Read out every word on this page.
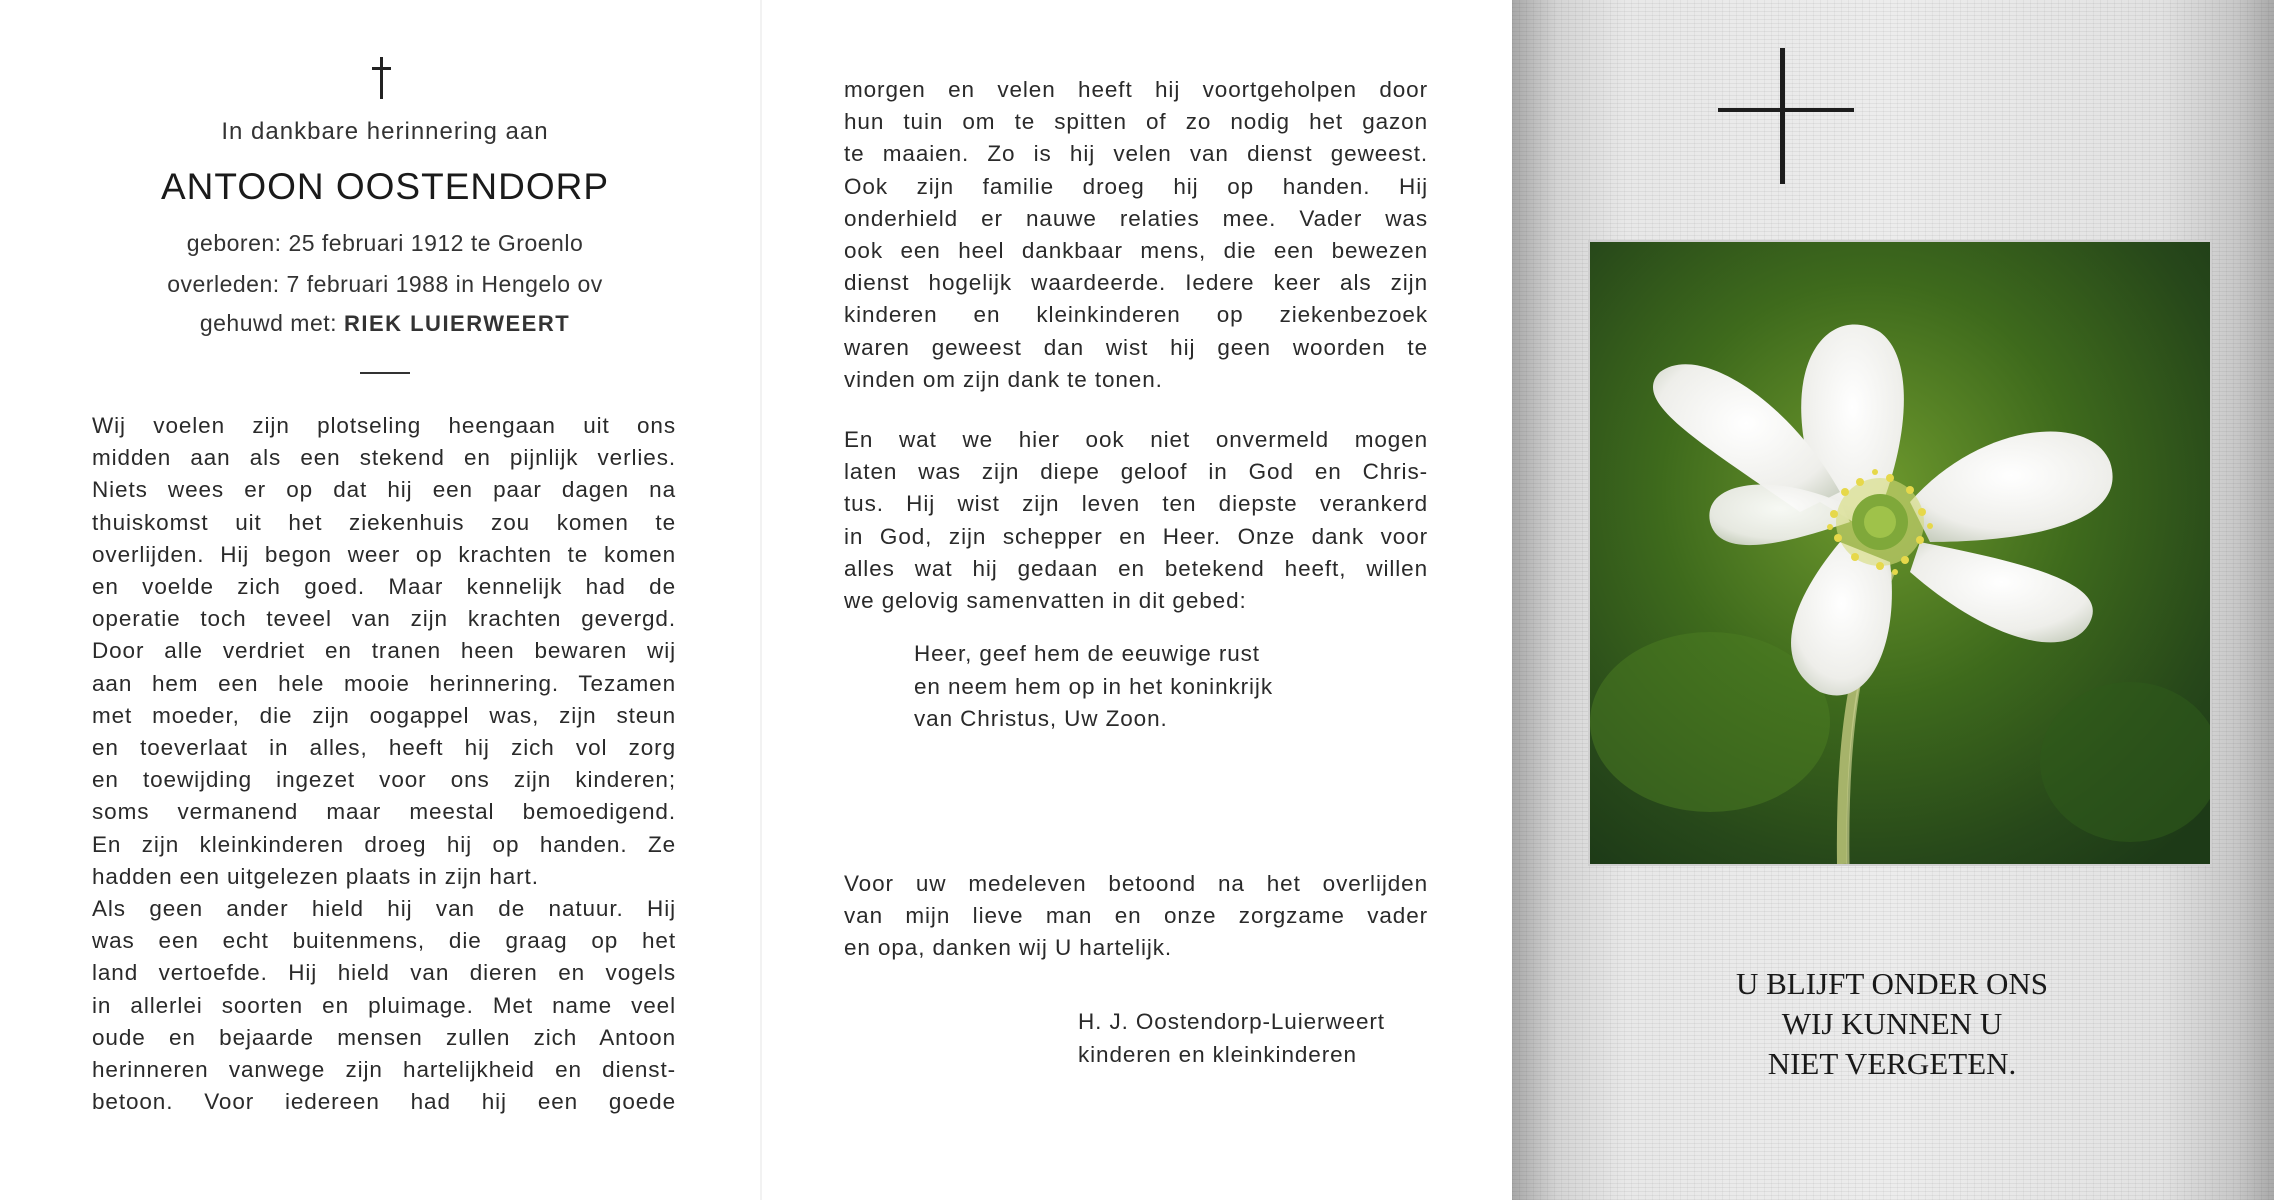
In dankbare herinnering aan
ANTOON OOSTENDORP
geboren: 25 februari 1912 te Groenlo
overleden: 7 februari 1988 in Hengelo ov
gehuwd met: RIEK LUIERWEERT
Wij voelen zijn plotseling heengaan uit ons
midden aan als een stekend en pijnlijk verlies.
Niets wees er op dat hij een paar dagen na
thuiskomst uit het ziekenhuis zou komen te
overlijden. Hij begon weer op krachten te komen
en voelde zich goed. Maar kennelijk had de
operatie toch teveel van zijn krachten gevergd.
Door alle verdriet en tranen heen bewaren wij
aan hem een hele mooie herinnering. Tezamen
met moeder, die zijn oogappel was, zijn steun
en toeverlaat in alles, heeft hij zich vol zorg
en toewijding ingezet voor ons zijn kinderen;
soms vermanend maar meestal bemoedigend.
En zijn kleinkinderen droeg hij op handen. Ze
hadden een uitgelezen plaats in zijn hart.
Als geen ander hield hij van de natuur. Hij
was een echt buitenmens, die graag op het
land vertoefde. Hij hield van dieren en vogels
in allerlei soorten en pluimage. Met name veel
oude en bejaarde mensen zullen zich Antoon
herinneren vanwege zijn hartelijkheid en dienst-
betoon. Voor iedereen had hij een goede
morgen en velen heeft hij voortgeholpen door
hun tuin om te spitten of zo nodig het gazon
te maaien. Zo is hij velen van dienst geweest.
Ook zijn familie droeg hij op handen. Hij
onderhield er nauwe relaties mee. Vader was
ook een heel dankbaar mens, die een bewezen
dienst hogelijk waardeerde. Iedere keer als zijn
kinderen en kleinkinderen op ziekenbezoek
waren geweest dan wist hij geen woorden te
vinden om zijn dank te tonen.
En wat we hier ook niet onvermeld mogen
laten was zijn diepe geloof in God en Chris-
tus. Hij wist zijn leven ten diepste verankerd
in God, zijn schepper en Heer. Onze dank voor
alles wat hij gedaan en betekend heeft, willen
we gelovig samenvatten in dit gebed:
Heer, geef hem de eeuwige rust
en neem hem op in het koninkrijk
van Christus, Uw Zoon.
Voor uw medeleven betoond na het overlijden
van mijn lieve man en onze zorgzame vader
en opa, danken wij U hartelijk.
H. J. Oostendorp-Luierweert
kinderen en kleinkinderen
U BLIJFT ONDER ONS
WIJ KUNNEN U
NIET VERGETEN.
